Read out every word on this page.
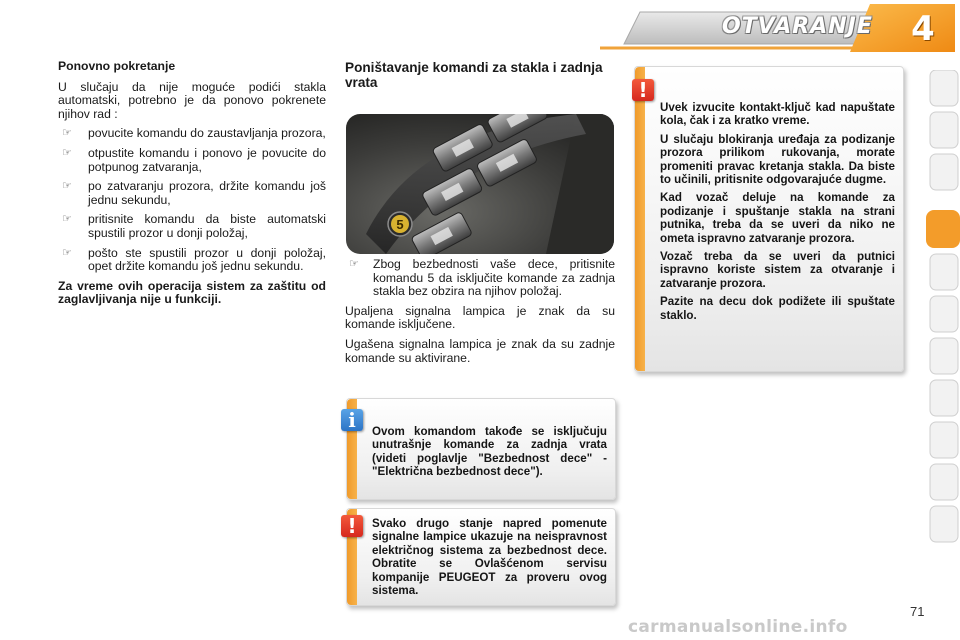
OTVARANJE 4
Ponovno pokretanje

U slučaju da nije moguće podići stakla automatski, potrebno je da ponovo pokrenete njihov rad :

☞	povucite komandu do zaustavljanja prozora,
☞	otpustite komandu i ponovo je povucite do potpunog zatvaranja,
☞	po zatvaranju prozora, držite komandu još jednu sekundu,
☞	pritisnite komandu da biste automatski spustili prozor u donji položaj,
☞	pošto ste spustili prozor u donji položaj, opet držite komandu još jednu sekundu.

Za vreme ovih operacija sistem za zaštitu od zaglavljivanja nije u funkciji.

Poništavanje komandi za stakla i zadnja vrata
5
☞	Zbog bezbednosti vaše dece, pritisnite komandu 5 da isključite komande za zadnja stakla bez obzira na njihov položaj.

Upaljena signalna lampica je znak da su komande isključene.

Ugašena signalna lampica je znak da su zadnje komande su aktivirane.

!

Uvek izvucite kontakt-ključ kad napuštate kola, čak i za kratko vreme.

U slučaju blokiranja uređaja za podizanje prozora prilikom rukovanja, morate promeniti pravac kretanja stakla. Da biste to učinili, pritisnite odgovarajuće dugme.

Kad vozač deluje na komande za podizanje i spuštanje stakla na strani putnika, treba da se uveri da niko ne ometa ispravno zatvaranje prozora.

Vozač treba da se uveri da putnici ispravno koriste sistem za otvaranje i zatvaranje prozora.

Pazite na decu dok podižete ili spuštate staklo.

i	Ovom komandom takođe se isključuju unutrašnje komande za zadnja vrata (videti poglavlje "Bezbednost dece" - "Električna bezbednost dece").

!	Svako drugo stanje napred pomenute signalne lampice ukazuje na neispravnost električnog sistema za bezbednost dece. Obratite se Ovlašćenom servisu kompanije PEUGEOT za proveru ovog sistema.

71
carmanualsonline.info
